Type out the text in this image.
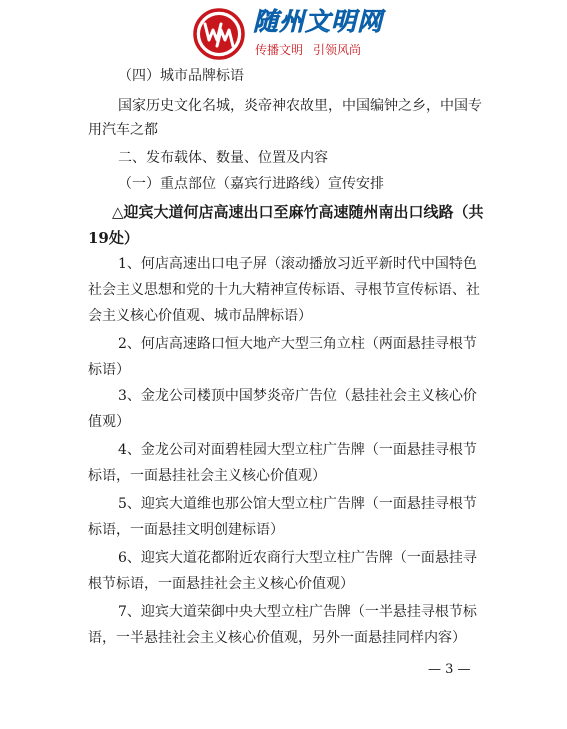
随州文明网
传播文明 引领风尚
（四）城市品牌标语
国家历史文化名城，炎帝神农故里，中国编钟之乡，中国专
用汽车之都
二、发布载体、数量、位置及内容
（一）重点部位（嘉宾行进路线）宣传安排
△迎宾大道何店高速出口至麻竹高速随州南出口线路（共
19处）
1、何店高速出口电子屏（滚动播放习近平新时代中国特色
社会主义思想和党的十九大精神宣传标语、寻根节宣传标语、社
会主义核心价值观、城市品牌标语）
2、何店高速路口恒大地产大型三角立柱（两面悬挂寻根节
标语）
3、金龙公司楼顶中国梦炎帝广告位（悬挂社会主义核心价
值观）
4、金龙公司对面碧桂园大型立柱广告牌（一面悬挂寻根节
标语，一面悬挂社会主义核心价值观）
5、迎宾大道维也那公馆大型立柱广告牌（一面悬挂寻根节
标语，一面悬挂文明创建标语）
6、迎宾大道花都附近农商行大型立柱广告牌（一面悬挂寻
根节标语，一面悬挂社会主义核心价值观）
7、迎宾大道荣御中央大型立柱广告牌（一半悬挂寻根节标
语，一半悬挂社会主义核心价值观，另外一面悬挂同样内容）
— 3 —
